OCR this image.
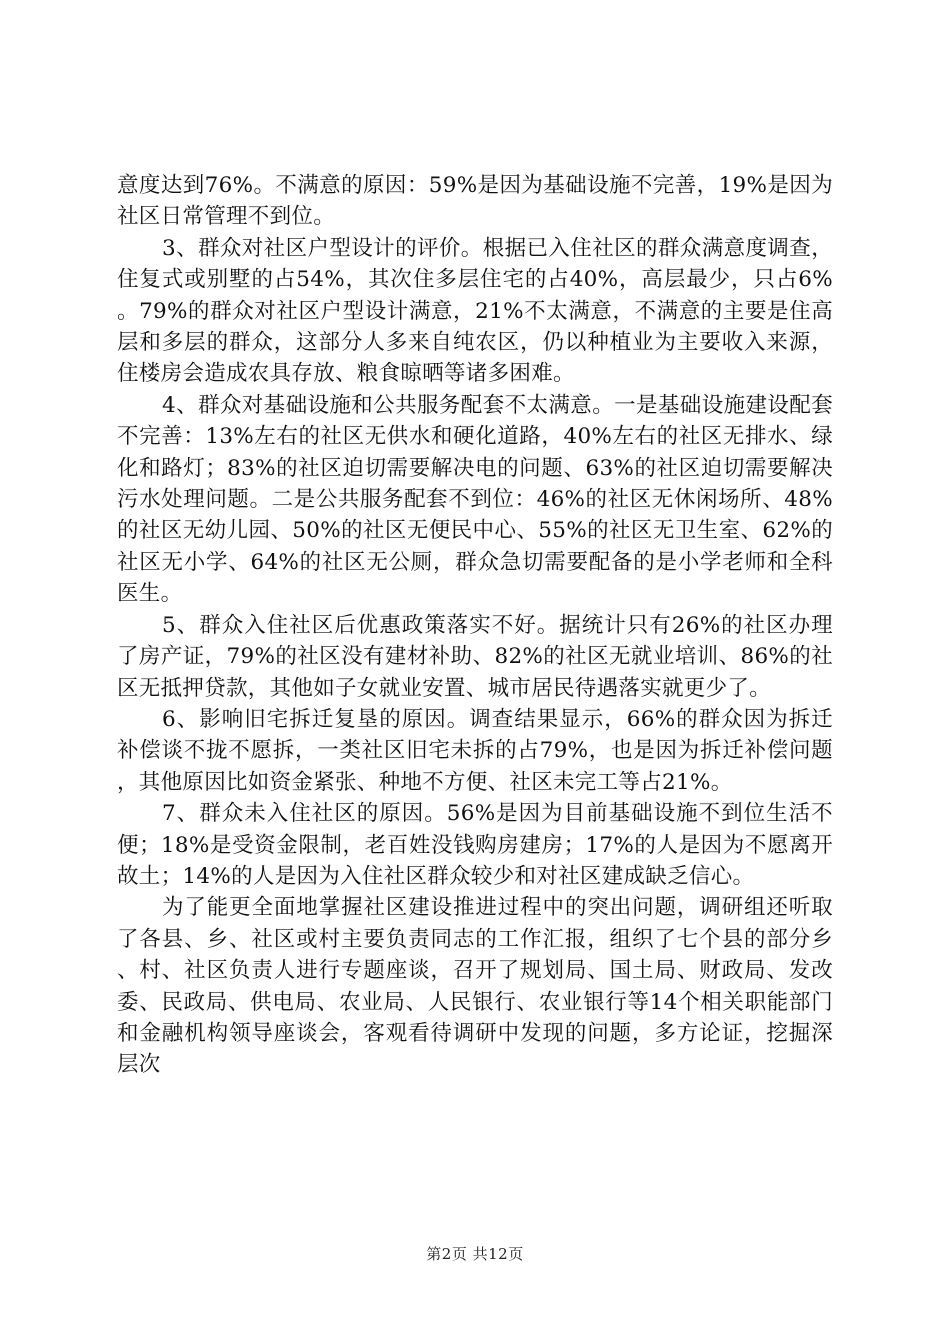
意度达到76%。不满意的原因：59%是因为基础设施不完善，19%是因为社区日常管理不到位。

3、群众对社区户型设计的评价。根据已入住社区的群众满意度调查，住复式或别墅的占54%，其次住多层住宅的占40%，高层最少，只占6%。79%的群众对社区户型设计满意，21%不太满意，不满意的主要是住高层和多层的群众，这部分人多来自纯农区，仍以种植业为主要收入来源，住楼房会造成农具存放、粮食晾晒等诸多困难。

4、群众对基础设施和公共服务配套不太满意。一是基础设施建设配套不完善：13%左右的社区无供水和硬化道路，40%左右的社区无排水、绿化和路灯；83%的社区迫切需要解决电的问题、63%的社区迫切需要解决污水处理问题。二是公共服务配套不到位：46%的社区无休闲场所、48%的社区无幼儿园、50%的社区无便民中心、55%的社区无卫生室、62%的社区无小学、64%的社区无公厕，群众急切需要配备的是小学老师和全科医生。

5、群众入住社区后优惠政策落实不好。据统计只有26%的社区办理了房产证，79%的社区没有建材补助、82%的社区无就业培训、86%的社区无抵押贷款，其他如子女就业安置、城市居民待遇落实就更少了。

6、影响旧宅拆迁复垦的原因。调查结果显示，66%的群众因为拆迁补偿谈不拢不愿拆，一类社区旧宅未拆的占79%，也是因为拆迁补偿问题，其他原因比如资金紧张、种地不方便、社区未完工等占21%。

7、群众未入住社区的原因。56%是因为目前基础设施不到位生活不便；18%是受资金限制，老百姓没钱购房建房；17%的人是因为不愿离开故土；14%的人是因为入住社区群众较少和对社区建成缺乏信心。

为了能更全面地掌握社区建设推进过程中的突出问题，调研组还听取了各县、乡、社区或村主要负责同志的工作汇报，组织了七个县的部分乡、村、社区负责人进行专题座谈，召开了规划局、国土局、财政局、发改委、民政局、供电局、农业局、人民银行、农业银行等14个相关职能部门和金融机构领导座谈会，客观看待调研中发现的问题，多方论证，挖掘深层次

第2页 共12页
